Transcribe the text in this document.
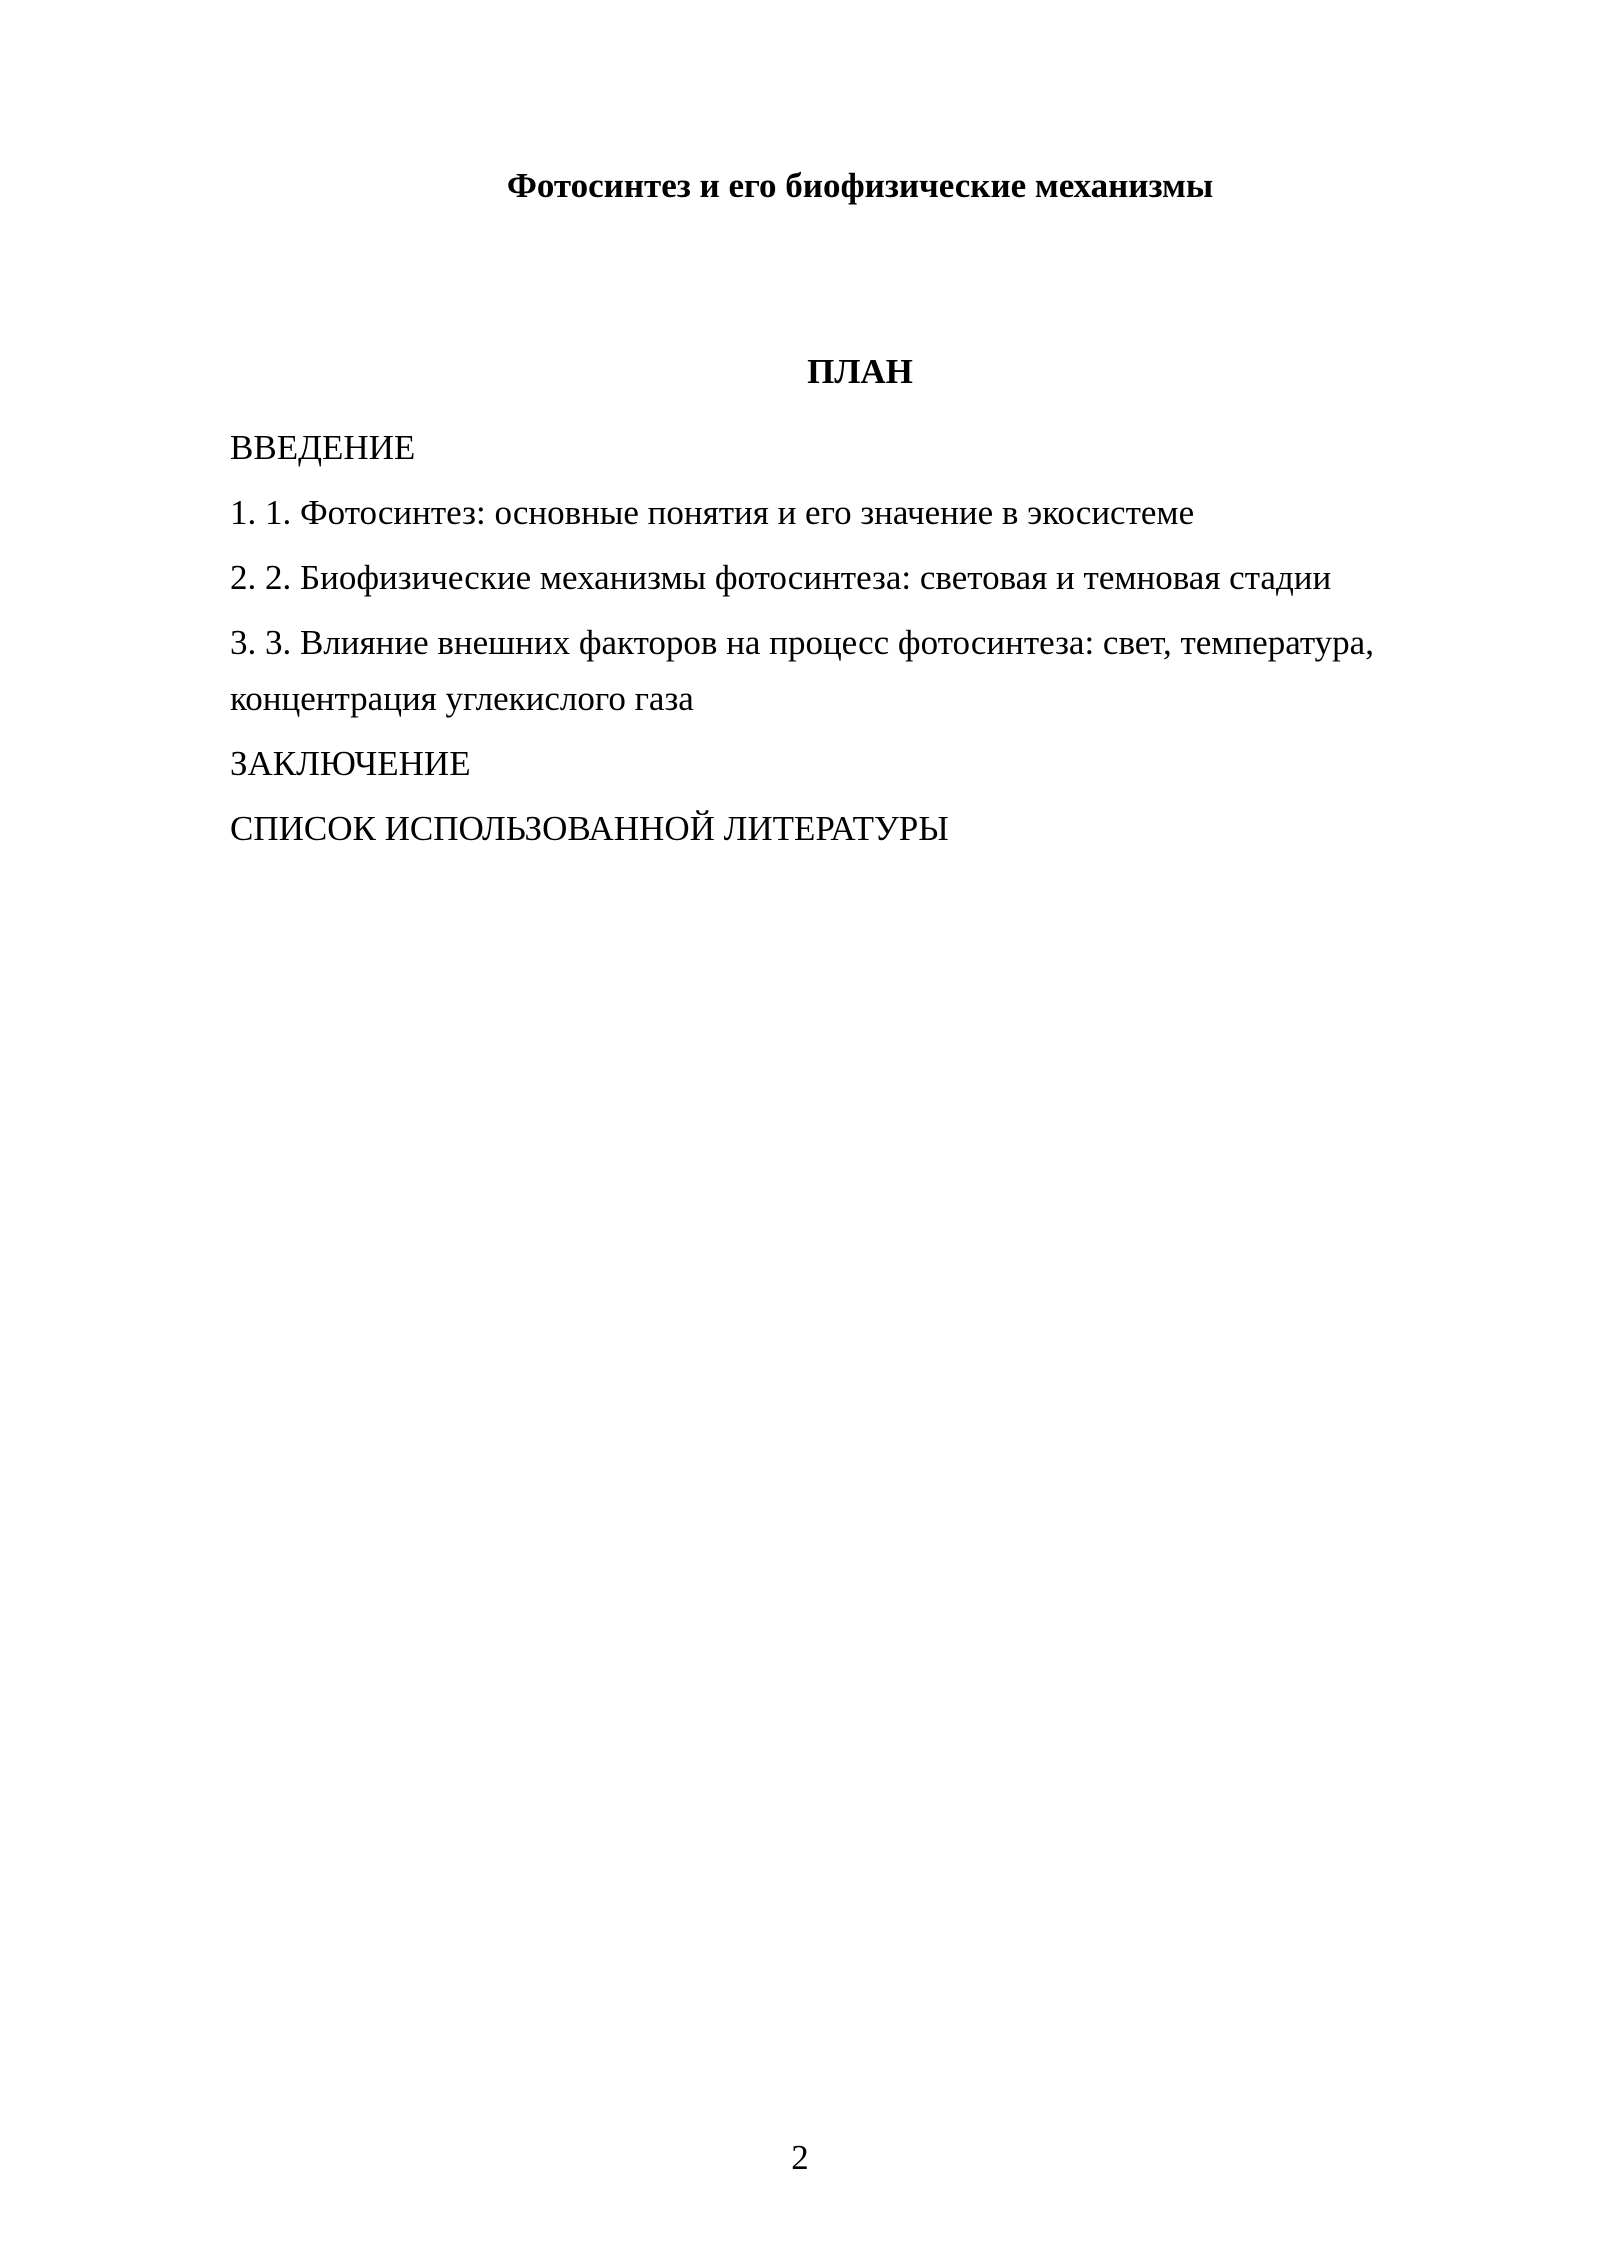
Фотосинтез и его биофизические механизмы
ПЛАН
ВВЕДЕНИЕ
1. 1. Фотосинтез: основные понятия и его значение в экосистеме
2. 2. Биофизические механизмы фотосинтеза: световая и темновая стадии
3. 3. Влияние внешних факторов на процесс фотосинтеза: свет, температура, концентрация углекислого газа
ЗАКЛЮЧЕНИЕ
СПИСОК ИСПОЛЬЗОВАННОЙ ЛИТЕРАТУРЫ

2
